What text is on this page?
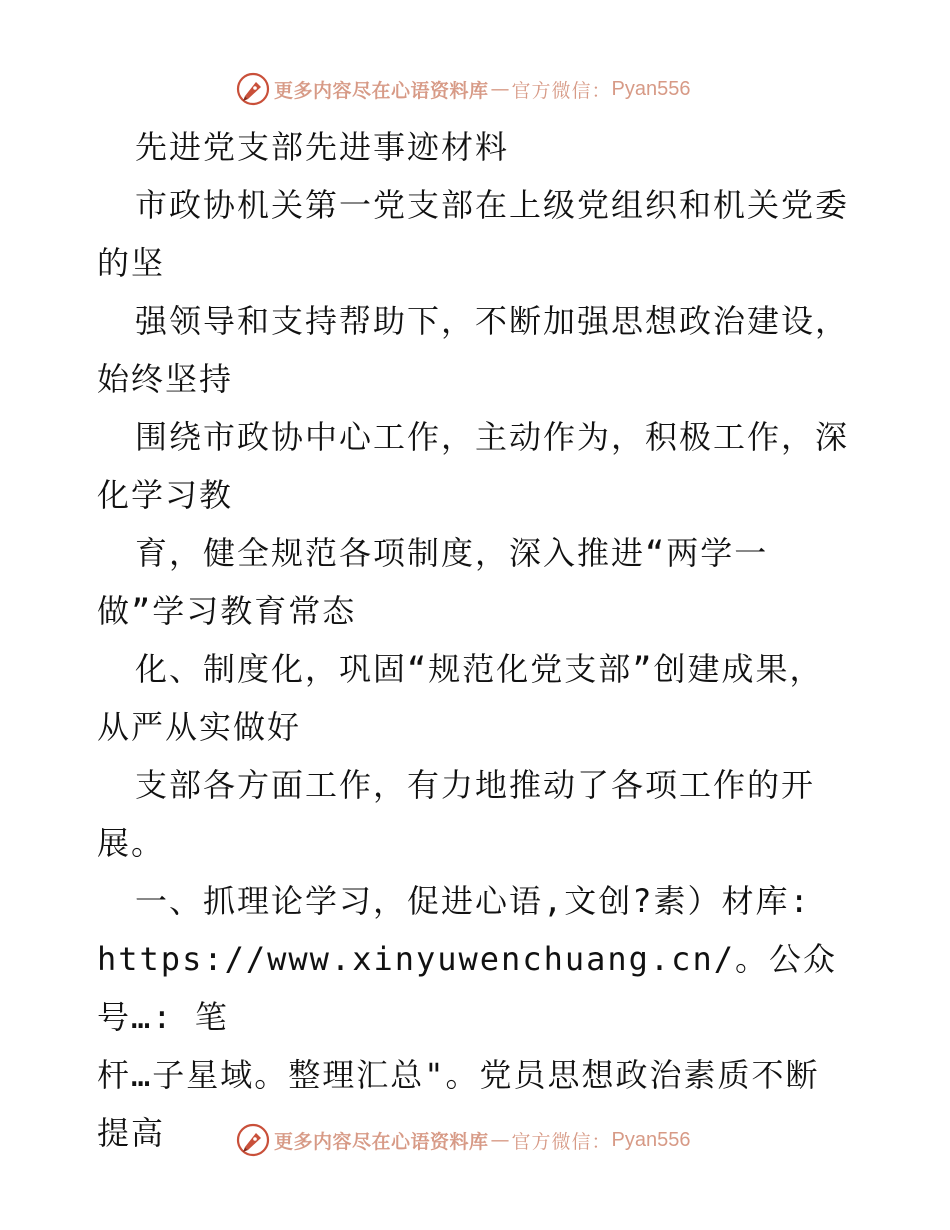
更多内容尽在心语资料库 — 官方微信： Pyan556

先进党支部先进事迹材料

市政协机关第一党支部在上级党组织和机关党委

的坚

强领导和支持帮助下，不断加强思想政治建设，

始终坚持

围绕市政协中心工作，主动作为，积极工作，深

化学习教

育，健全规范各项制度，深入推进“两学一

做”学习教育常态

化、制度化，巩固“规范化党支部”创建成果，

从严从实做好

支部各方面工作，有力地推动了各项工作的开

展。

一、抓理论学习，促进心语,文创?素）材库:

https://www.xinyuwenchuang.cn/。公众号…: 笔

杆…子星域。整理汇总"。党员思想政治素质不断

提高	更多内容尽在心语资料库 — 官方微信： Pyan556
